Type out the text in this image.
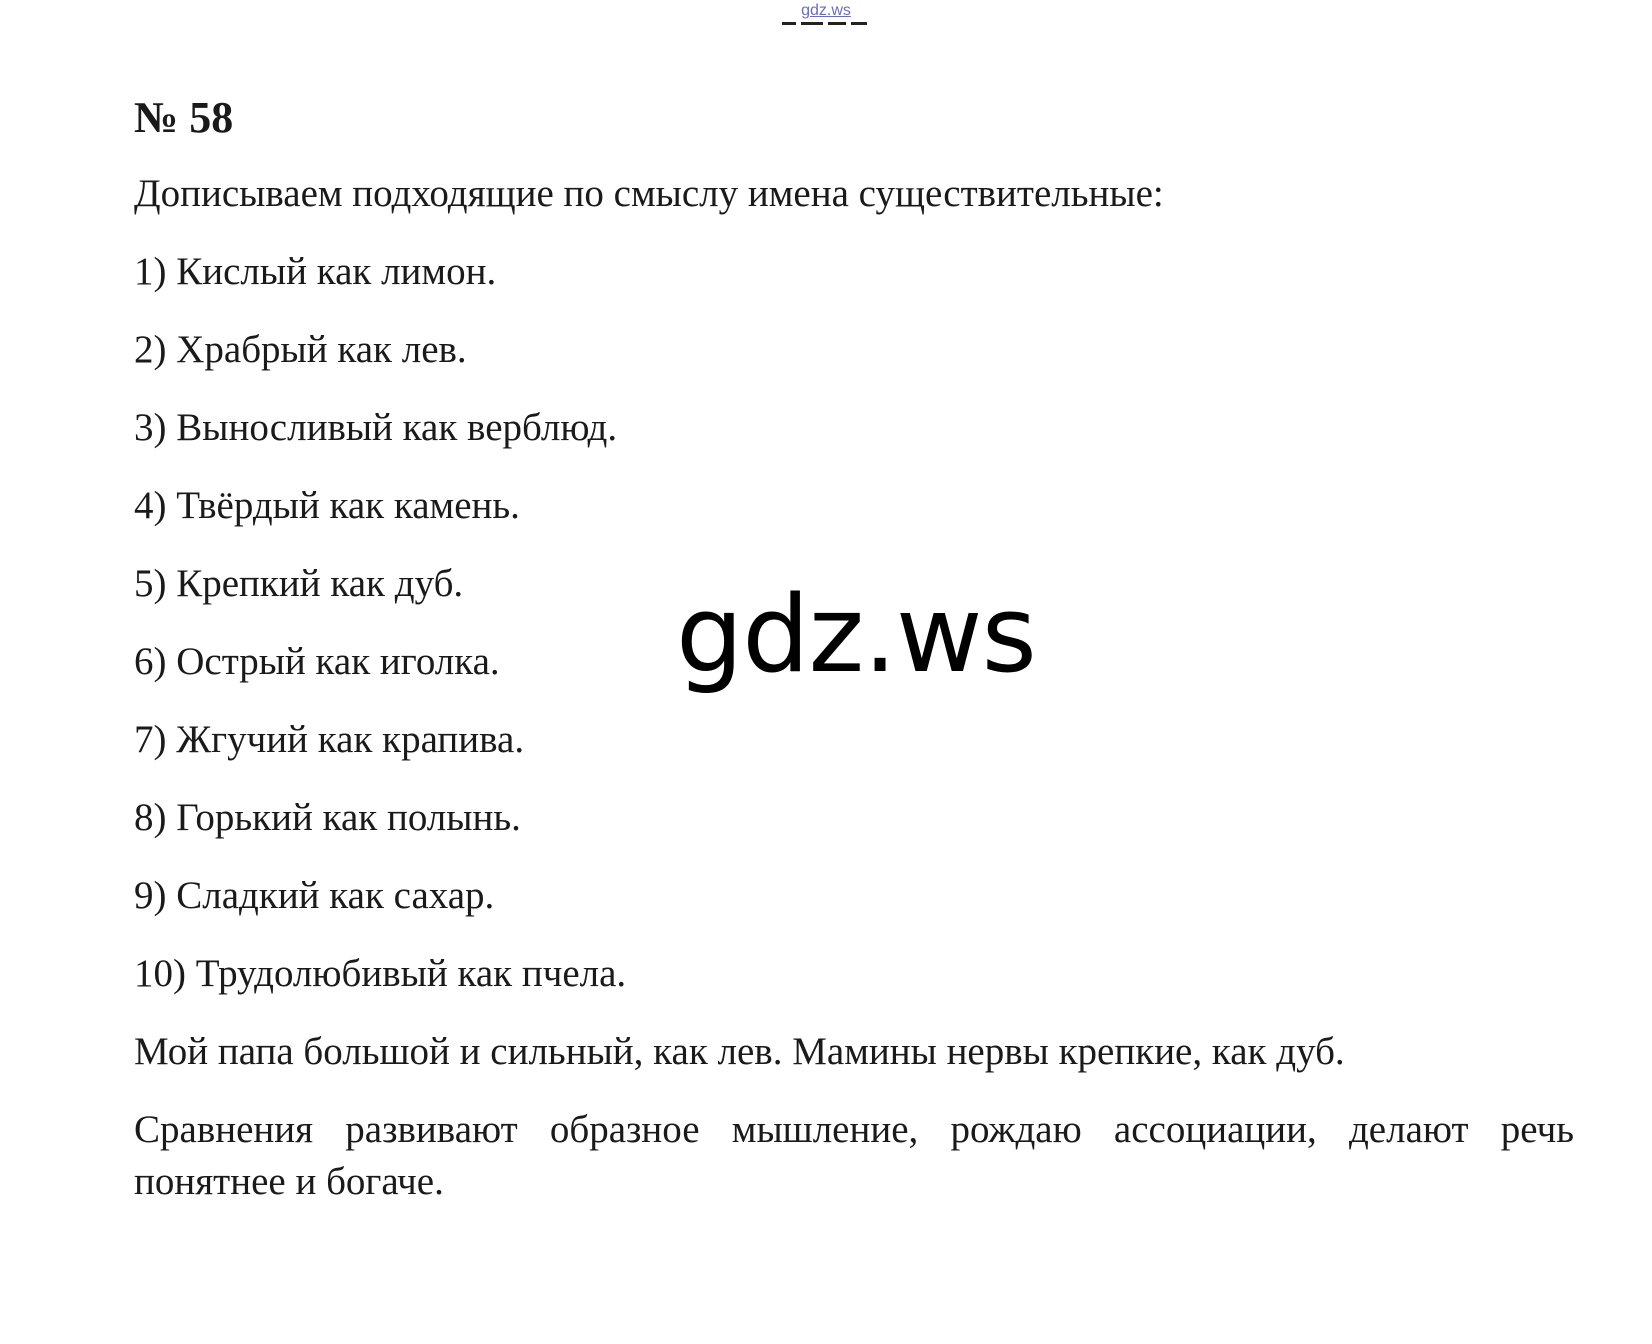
gdz.ws
№ 58

Дописываем подходящие по смыслу имена существительные:

1) Кислый как лимон.
2) Храбрый как лев.
3) Выносливый как верблюд.
4) Твёрдый как камень.
5) Крепкий как дуб.
6) Острый как иголка.
7) Жгучий как крапива.
8) Горький как полынь.
9) Сладкий как сахар.
10) Трудолюбивый как пчела.

Мой папа большой и сильный, как лев. Мамины нервы крепкие, как дуб.

Сравнения развивают образное мышление, рождаю ассоциации, делают речь понятнее и богаче.

gdz.ws
